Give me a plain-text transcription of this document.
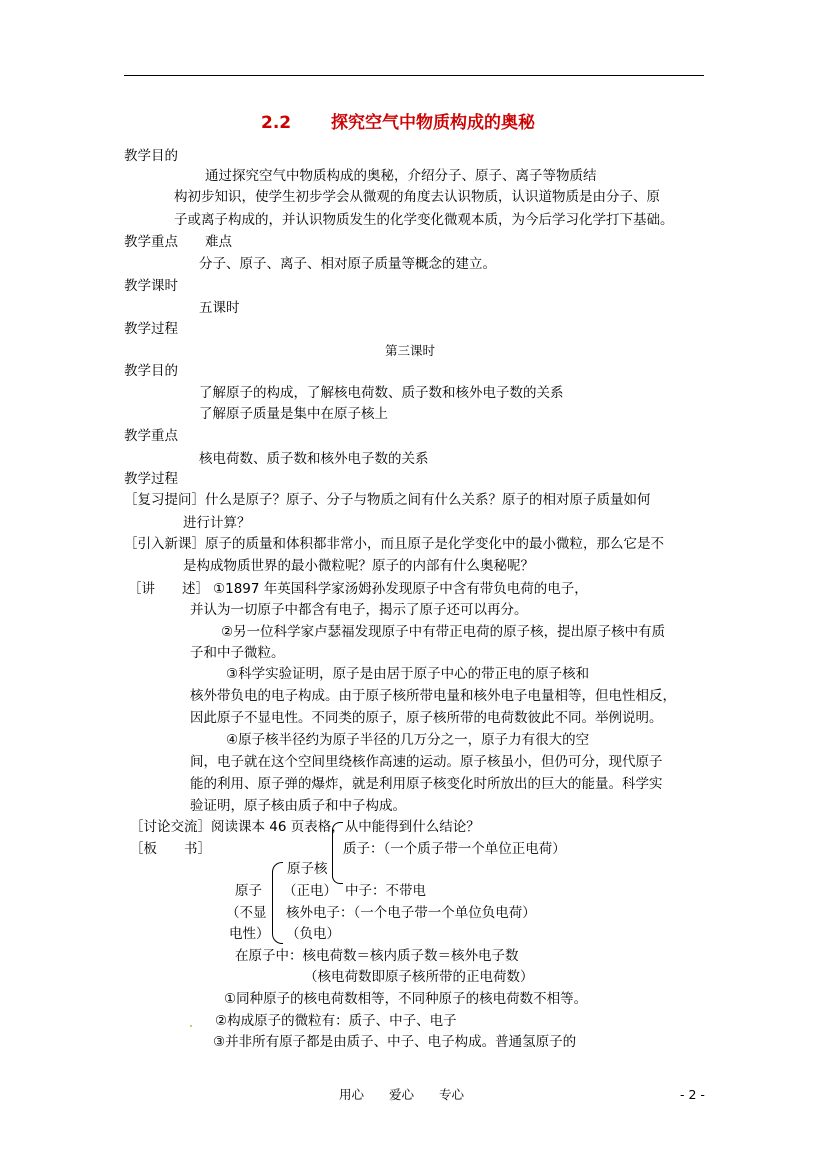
2.2 探究空气中物质构成的奥秘
教学目的
通过探究空气中物质构成的奥秘，介绍分子、原子、离子等物质结
构初步知识，使学生初步学会从微观的角度去认识物质，认识道物质是由分子、原
子或离子构成的，并认识物质发生的化学变化微观本质，为今后学习化学打下基础。
教学重点 难点
分子、原子、离子、相对原子质量等概念的建立。
教学课时
五课时
教学过程
第三课时
教学目的
了解原子的构成，了解核电荷数、质子数和核外电子数的关系
了解原子质量是集中在原子核上
教学重点
核电荷数、质子数和核外电子数的关系
教学过程
［复习提问］什么是原子？原子、分子与物质之间有什么关系？原子的相对原子质量如何
进行计算？
［引入新课］原子的质量和体积都非常小，而且原子是化学变化中的最小微粒，那么它是不
是构成物质世界的最小微粒呢？原子的内部有什么奥秘呢？
［讲　　述］ ①1897 年英国科学家汤姆孙发现原子中含有带负电荷的电子，
并认为一切原子中都含有电子，揭示了原子还可以再分。
②另一位科学家卢瑟福发现原子中有带正电荷的原子核，提出原子核中有质
子和中子微粒。
③科学实验证明，原子是由居于原子中心的带正电的原子核和
核外带负电的电子构成。由于原子核所带电量和核外电子电量相等，但电性相反，
因此原子不显电性。不同类的原子，原子核所带的电荷数彼此不同。举例说明。
④原子核半径约为原子半径的几万分之一，原子力有很大的空
间，电子就在这个空间里绕核作高速的运动。原子核虽小，但仍可分，现代原子
能的利用、原子弹的爆炸，就是利用原子核变化时所放出的巨大的能量。科学实
验证明，原子核由质子和中子构成。
［讨论交流］阅读课本 46 页表格，从中能得到什么结论？
［板　　书］	质子：（一个质子带一个单位正电荷）
原子核
（正电） 中子：不带电
原子
（不显 核外电子：（一个电子带一个单位负电荷）
电性） （负电）
在原子中：核电荷数＝核内质子数＝核外电子数
（核电荷数即原子核所带的正电荷数）
①同种原子的核电荷数相等，不同种原子的核电荷数不相等。
②构成原子的微粒有：质子、中子、电子
③并非所有原子都是由质子、中子、电子构成。普通氢原子的
用心　　爱心　　专心	- 2 -
